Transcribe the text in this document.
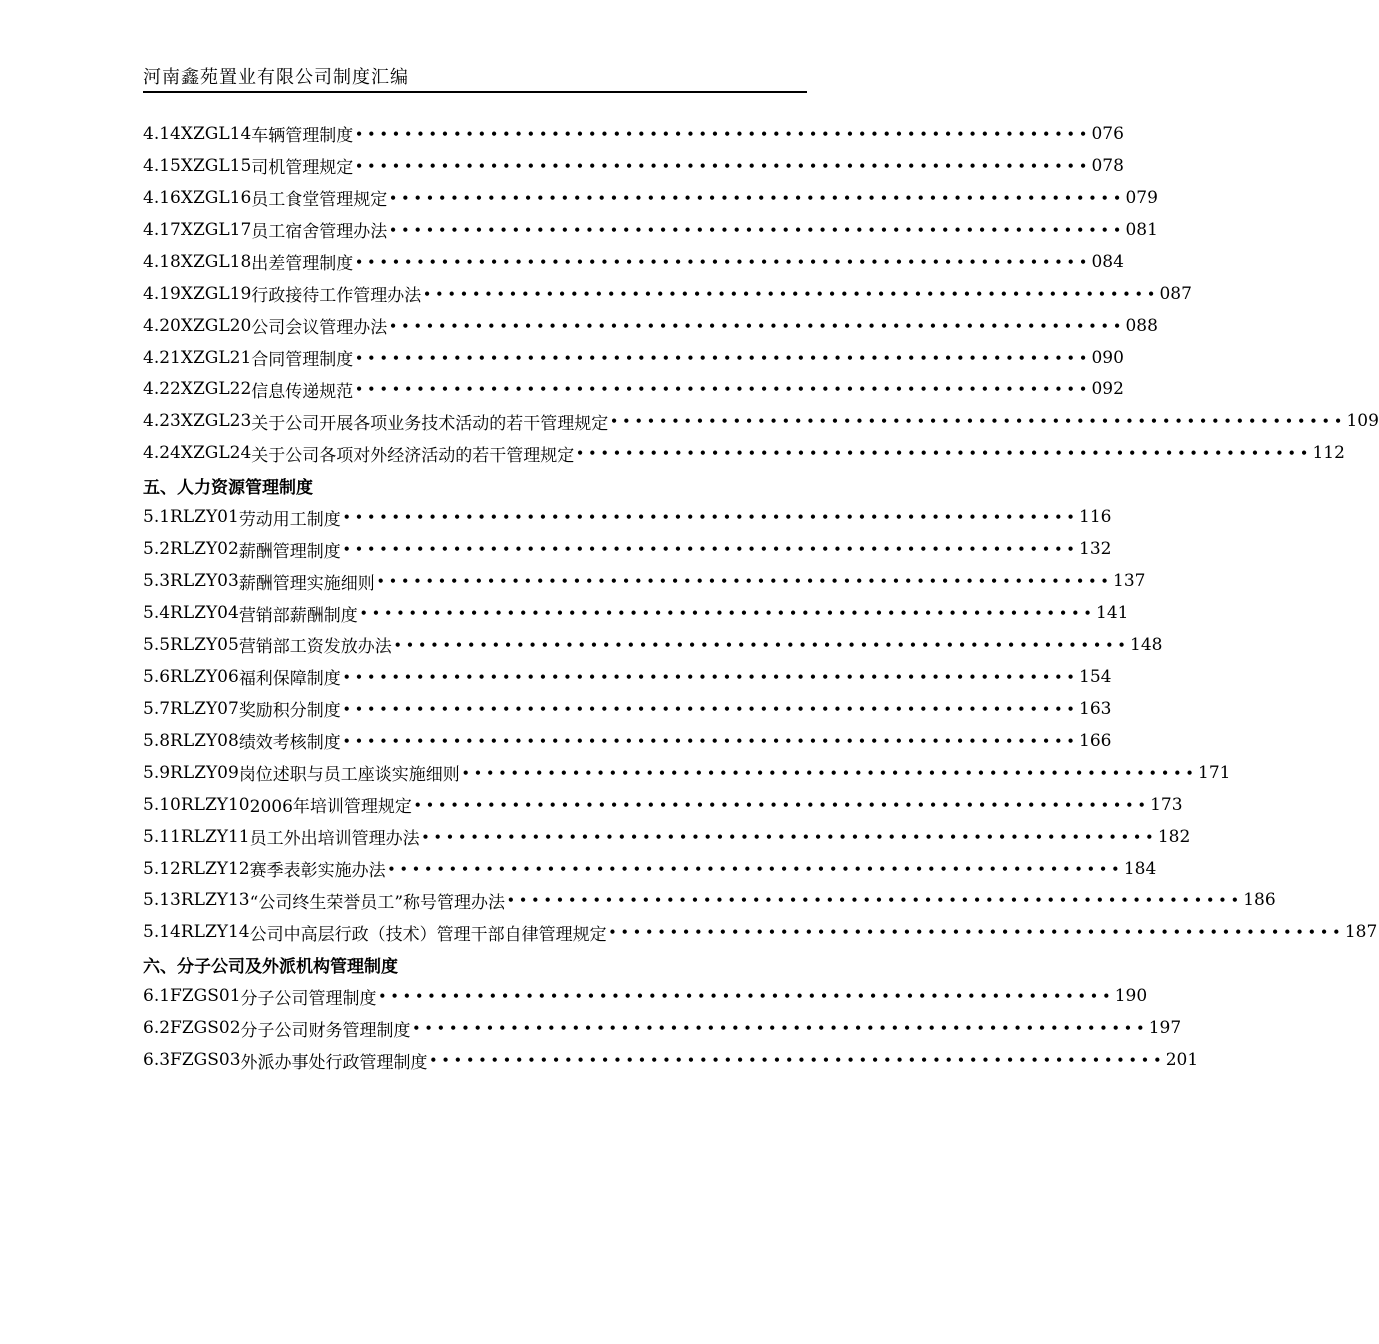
河南鑫苑置业有限公司制度汇编
4.14 XZGL14 车辆管理制度 •••••••••••••••••••••••••••••••••••••••••••••••••••••••••••• 076
4.15 XZGL15 司机管理规定 •••••••••••••••••••••••••••••••••••••••••••••••••••••••••••• 078
4.16 XZGL16 员工食堂管理规定 •••••••••••••••••••••••••••••••••••••••••••••••••••••••••••• 079
4.17 XZGL17 员工宿舍管理办法 •••••••••••••••••••••••••••••••••••••••••••••••••••••••••••• 081
4.18 XZGL18 出差管理制度 •••••••••••••••••••••••••••••••••••••••••••••••••••••••••••• 084
4.19 XZGL19 行政接待工作管理办法 •••••••••••••••••••••••••••••••••••••••••••••••••••••••••••• 087
4.20 XZGL20 公司会议管理办法 •••••••••••••••••••••••••••••••••••••••••••••••••••••••••••• 088
4.21 XZGL21 合同管理制度 •••••••••••••••••••••••••••••••••••••••••••••••••••••••••••• 090
4.22 XZGL22 信息传递规范 •••••••••••••••••••••••••••••••••••••••••••••••••••••••••••• 092
4.23 XZGL23 关于公司开展各项业务技术活动的若干管理规定 •••••••••••••••••••••••••••••••••••••••••••••••••••••••••••• 109
4.24 XZGL24 关于公司各项对外经济活动的若干管理规定 •••••••••••••••••••••••••••••••••••••••••••••••••••••••••••• 112
五、人力资源管理制度
5.1 RLZY01 劳动用工制度 •••••••••••••••••••••••••••••••••••••••••••••••••••••••••••• 116
5.2 RLZY02 薪酬管理制度 •••••••••••••••••••••••••••••••••••••••••••••••••••••••••••• 132
5.3 RLZY03 薪酬管理实施细则 •••••••••••••••••••••••••••••••••••••••••••••••••••••••••••• 137
5.4 RLZY04 营销部薪酬制度 •••••••••••••••••••••••••••••••••••••••••••••••••••••••••••• 141
5.5 RLZY05 营销部工资发放办法 •••••••••••••••••••••••••••••••••••••••••••••••••••••••••••• 148
5.6 RLZY06 福利保障制度 •••••••••••••••••••••••••••••••••••••••••••••••••••••••••••• 154
5.7 RLZY07 奖励积分制度 •••••••••••••••••••••••••••••••••••••••••••••••••••••••••••• 163
5.8 RLZY08 绩效考核制度 •••••••••••••••••••••••••••••••••••••••••••••••••••••••••••• 166
5.9 RLZY09 岗位述职与员工座谈实施细则 •••••••••••••••••••••••••••••••••••••••••••••••••••••••••••• 171
5.10 RLZY10 2006年培训管理规定 •••••••••••••••••••••••••••••••••••••••••••••••••••••••••••• 173
5.11 RLZY11 员工外出培训管理办法 •••••••••••••••••••••••••••••••••••••••••••••••••••••••••••• 182
5.12 RLZY12 赛季表彰实施办法 •••••••••••••••••••••••••••••••••••••••••••••••••••••••••••• 184
5.13 RLZY13 “公司终生荣誉员工”称号管理办法 •••••••••••••••••••••••••••••••••••••••••••••••••••••••••••• 186
5.14 RLZY14 公司中高层行政（技术）管理干部自律管理规定 •••••••••••••••••••••••••••••••••••••••••••••••••••••••••••• 187
六、分子公司及外派机构管理制度
6.1 FZGS01 分子公司管理制度 •••••••••••••••••••••••••••••••••••••••••••••••••••••••••••• 190
6.2 FZGS02 分子公司财务管理制度 •••••••••••••••••••••••••••••••••••••••••••••••••••••••••••• 197
6.3 FZGS03 外派办事处行政管理制度 •••••••••••••••••••••••••••••••••••••••••••••••••••••••••••• 201
